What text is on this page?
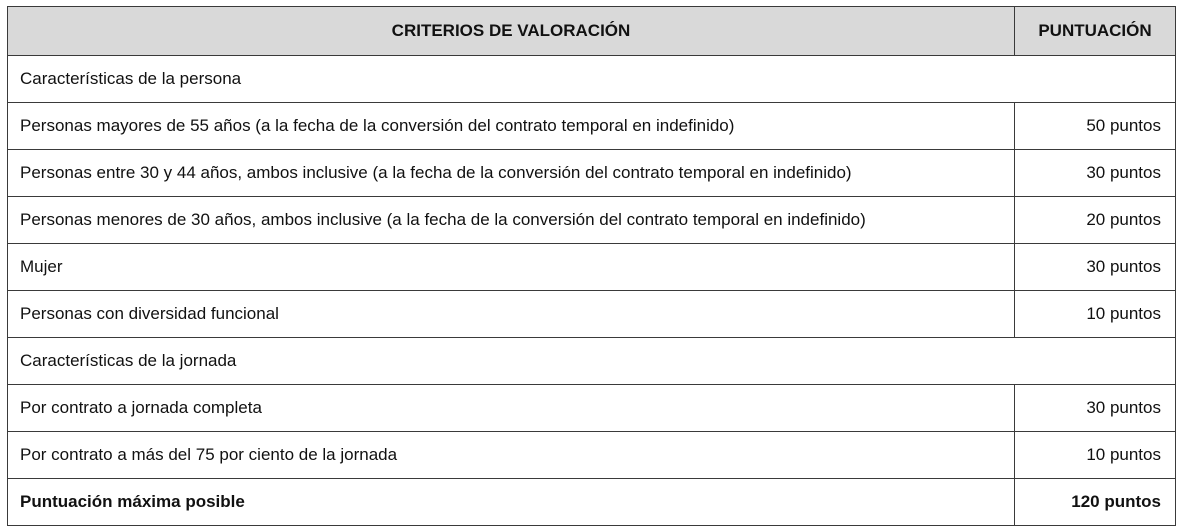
CRITERIOS DE VALORACIÓN	PUNTUACIÓN
Características de la persona	
Personas mayores de 55 años (a la fecha de la conversión del contrato temporal en indefinido)	50 puntos
Personas entre 30 y 44 años, ambos inclusive (a la fecha de la conversión del contrato temporal en indefinido)	30 puntos
Personas menores de 30 años, ambos inclusive (a la fecha de la conversión del contrato temporal en indefinido)	20 puntos
Mujer	30 puntos
Personas con diversidad funcional	10 puntos
Características de la jornada	
Por contrato a jornada completa	30 puntos
Por contrato a más del 75 por ciento de la jornada	10 puntos
Puntuación máxima posible	120 puntos
